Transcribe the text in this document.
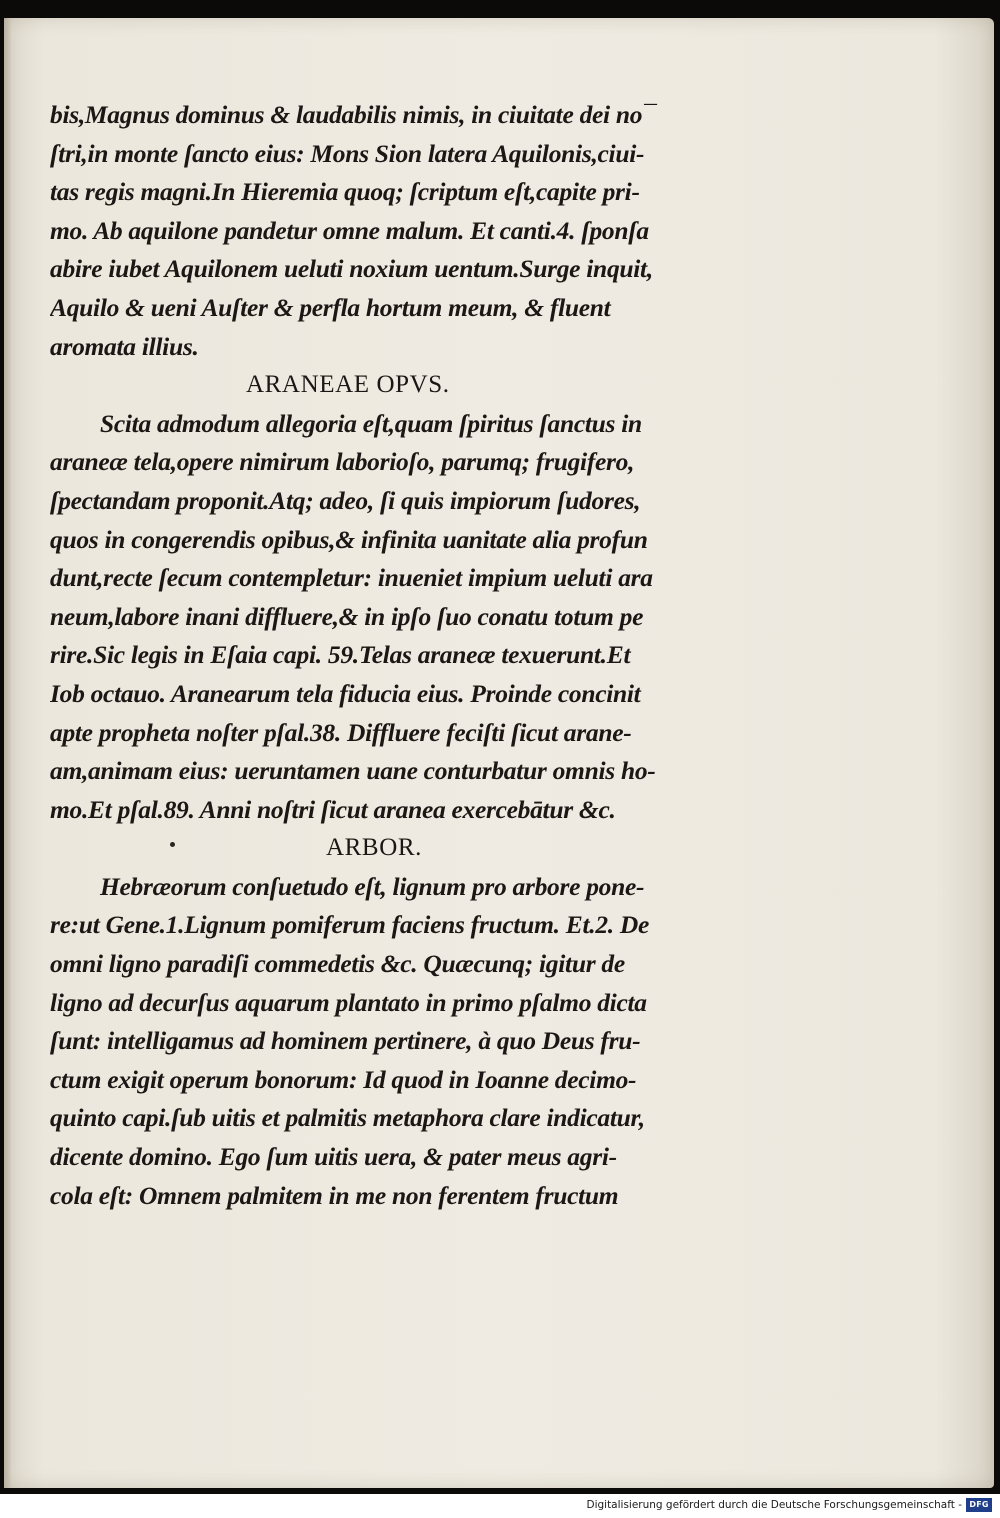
bis,Magnus dominus & laudabilis nimis, in ciuitate dei no¯
ſtri,in monte ſancto eius: Mons Sion latera Aquilonis,ciui-
tas regis magni.In Hieremia quoq; ſcriptum eſt,capite pri-
mo. Ab aquilone pandetur omne malum. Et canti.4. ſponſa
abire iubet Aquilonem ueluti noxium uentum.Surge inquit,
Aquilo & ueni Auſter & perfla hortum meum, & fluent
aromata illius.
ARANEAE OPVS.
Scita admodum allegoria eſt,quam ſpiritus ſanctus in
araneæ tela,opere nimirum laborioſo, parumq; frugifero,
ſpectandam proponit.Atq; adeo, ſi quis impiorum ſudores,
quos in congerendis opibus,& infinita uanitate alia profun
dunt,recte ſecum contempletur: inueniet impium ueluti ara
neum,labore inani diffluere,& in ipſo ſuo conatu totum pe
rire.Sic legis in Eſaia capi. 59.Telas araneæ texuerunt.Et
Iob octauo. Aranearum tela fiducia eius. Proinde concinit
apte propheta noſter pſal.38. Diffluere feciſti ſicut arane-
am,animam eius: ueruntamen uane conturbatur omnis ho-
mo.Et pſal.89. Anni noſtri ſicut aranea exercebātur &c.
ARBOR.
Hebræorum conſuetudo eſt, lignum pro arbore pone-
re:ut Gene.1.Lignum pomiferum faciens fructum. Et.2. De
omni ligno paradiſi commedetis &c. Quæcunq; igitur de
ligno ad decurſus aquarum plantato in primo pſalmo dicta
ſunt: intelligamus ad hominem pertinere, à quo Deus fru-
ctum exigit operum bonorum: Id quod in Ioanne decimo-
quinto capi.ſub uitis et palmitis metaphora clare indicatur,
dicente domino. Ego ſum uitis uera, & pater meus agri-
cola eſt: Omnem palmitem in me non ferentem fructum
Digitalisierung gefördert durch die Deutsche Forschungsgemeinschaft - DFG
